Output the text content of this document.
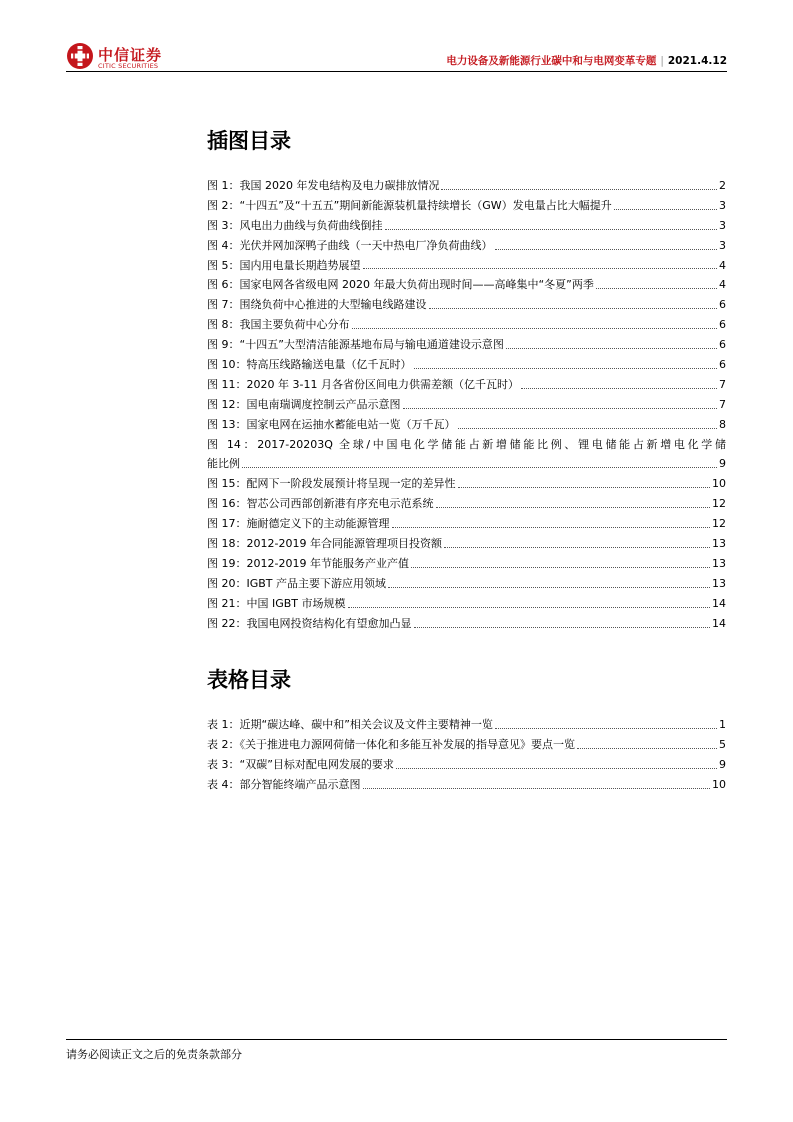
中信证券
CITIC SECURITIES	电力设备及新能源行业碳中和与电网变革专题 | 2021.4.12
插图目录
图 1：我国 2020 年发电结构及电力碳排放情况	2
图 2：“十四五”及“十五五”期间新能源装机量持续增长（GW）发电量占比大幅提升	3
图 3：风电出力曲线与负荷曲线倒挂	3
图 4：光伏并网加深鸭子曲线（一天中热电厂净负荷曲线）	3
图 5：国内用电量长期趋势展望	4
图 6：国家电网各省级电网 2020 年最大负荷出现时间——高峰集中“冬夏”两季	4
图 7：围绕负荷中心推进的大型输电线路建设	6
图 8：我国主要负荷中心分布	6
图 9：“十四五”大型清洁能源基地布局与输电通道建设示意图	6
图 10：特高压线路输送电量（亿千瓦时）	6
图 11：2020 年 3-11 月各省份区间电力供需差额（亿千瓦时）	7
图 12：国电南瑞调度控制云产品示意图	7
图 13：国家电网在运抽水蓄能电站一览（万千瓦）	8
图 14：2017-20203Q 全球/中国电化学储能占新增储能比例、锂电储能占新增电化学储
能比例	9
图 15：配网下一阶段发展预计将呈现一定的差异性	10
图 16：智芯公司西部创新港有序充电示范系统	12
图 17：施耐德定义下的主动能源管理	12
图 18：2012-2019 年合同能源管理项目投资额	13
图 19：2012-2019 年节能服务产业产值	13
图 20：IGBT 产品主要下游应用领域	13
图 21：中国 IGBT 市场规模	14
图 22：我国电网投资结构化有望愈加凸显	14
表格目录
表 1：近期“碳达峰、碳中和”相关会议及文件主要精神一览	1
表 2：《关于推进电力源网荷储一体化和多能互补发展的指导意见》要点一览	5
表 3：“双碳”目标对配电网发展的要求	9
表 4：部分智能终端产品示意图	10
请务必阅读正文之后的免责条款部分
